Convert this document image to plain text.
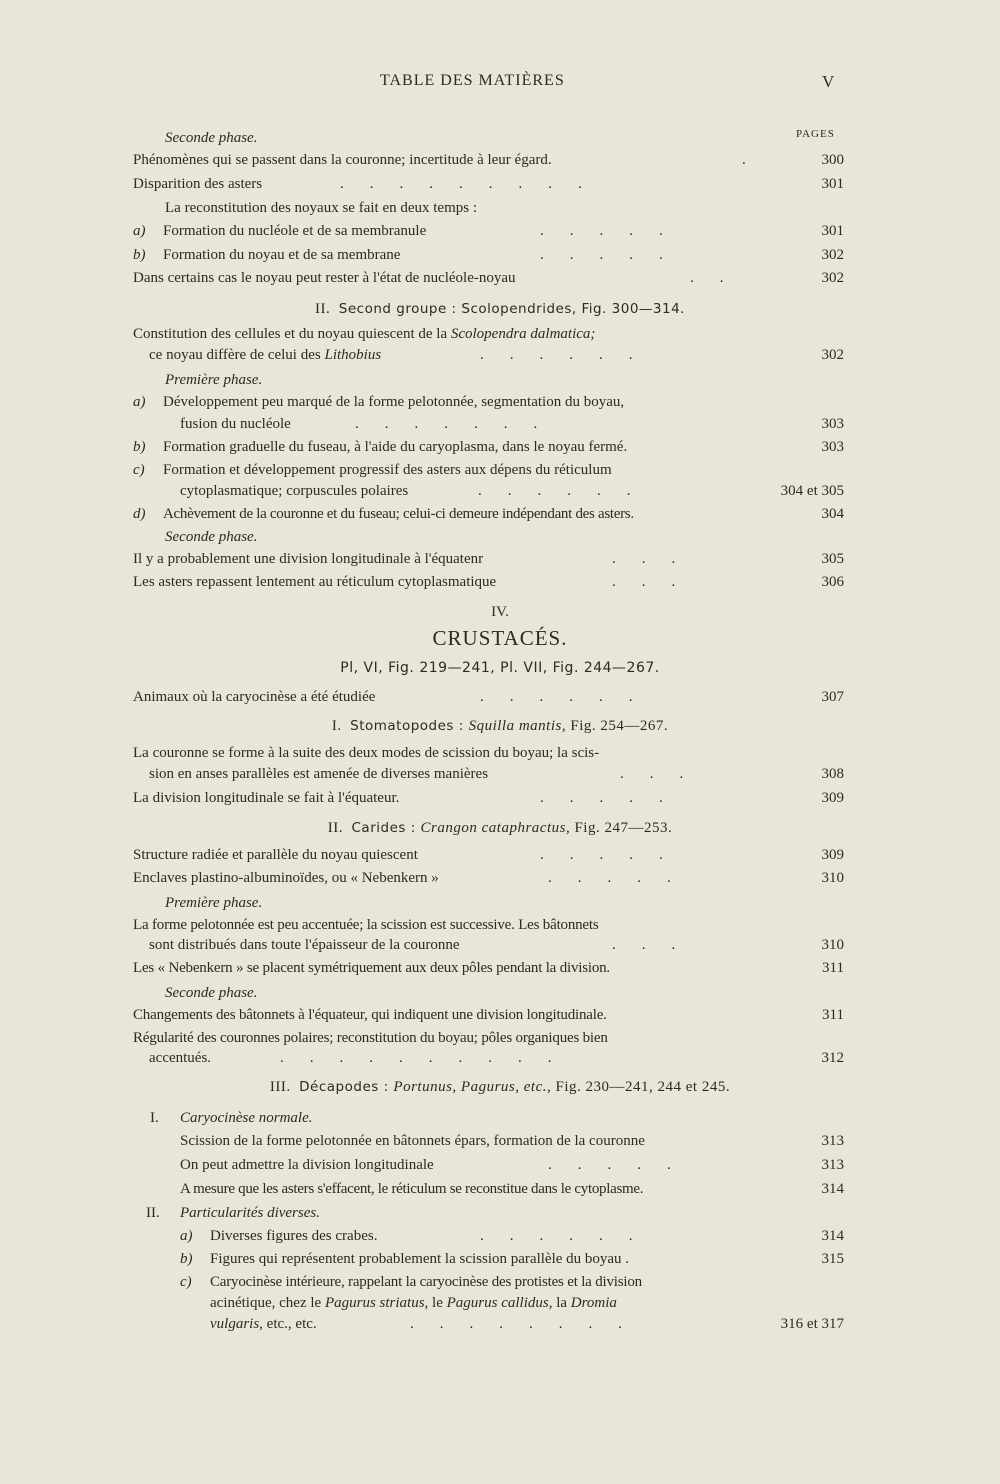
TABLE DES MATIÈRES	V
PAGES
Seconde phase.
Phénomènes qui se passent dans la couronne; incertitude à leur égard.	.	300
Disparition des asters	.........	301
La reconstitution des noyaux se fait en deux temps :
a) Formation du nucléole et de sa membranule	.....	301
b) Formation du noyau et de sa membrane	.....	302
Dans certains cas le noyau peut rester à l'état de nucléole-noyau	..	302
II. Second groupe : Scolopendrides, Fig. 300—314.
Constitution des cellules et du noyau quiescent de la Scolopendra dalmatica;
ce noyau diffère de celui des Lithobius	......	302
Première phase.
a) Développement peu marqué de la forme pelotonnée, segmentation du boyau,
fusion du nucléole	.......	303
b) Formation graduelle du fuseau, à l'aide du caryoplasma, dans le noyau fermé.	303
c) Formation et développement progressif des asters aux dépens du réticulum
cytoplasmatique; corpuscules polaires	......	304 et 305
d) Achèvement de la couronne et du fuseau; celui-ci demeure indépendant des asters.	304
Seconde phase.
Il y a probablement une division longitudinale à l'équatenr	...	305
Les asters repassent lentement au réticulum cytoplasmatique	...	306
IV.
CRUSTACÉS.
Pl, VI, Fig. 219—241, Pl. VII, Fig. 244—267.
Animaux où la caryocinèse a été étudiée	......	307
I. Stomatopodes : Squilla mantis, Fig. 254—267.
La couronne se forme à la suite des deux modes de scission du boyau; la scis-
sion en anses parallèles est amenée de diverses manières	...	308
La division longitudinale se fait à l'équateur.	.....	309
II. Carides : Crangon cataphractus, Fig. 247—253.
Structure radiée et parallèle du noyau quiescent	.....	309
Enclaves plastino-albuminoïdes, ou « Nebenkern »	.....	310
Première phase.
La forme pelotonnée est peu accentuée; la scission est successive. Les bâtonnets
sont distribués dans toute l'épaisseur de la couronne	...	310
Les « Nebenkern » se placent symétriquement aux deux pôles pendant la division.	311
Seconde phase.
Changements des bâtonnets à l'équateur, qui indiquent une division longitudinale.	311
Régularité des couronnes polaires; reconstitution du boyau; pôles organiques bien
accentués.	..........	312
III. Décapodes : Portunus, Pagurus, etc., Fig. 230—241, 244 et 245.
I. Caryocinèse normale.
Scission de la forme pelotonnée en bâtonnets épars, formation de la couronne	313
On peut admettre la division longitudinale	.....	313
A mesure que les asters s'effacent, le réticulum se reconstitue dans le cytoplasme.	314
II. Particularités diverses.
a) Diverses figures des crabes.	......	314
b) Figures qui représentent probablement la scission parallèle du boyau .	315
c) Caryocinèse intérieure, rappelant la caryocinèse des protistes et la division
acinétique, chez le Pagurus striatus, le Pagurus callidus, la Dromia
vulgaris, etc., etc.	........	316 et 317
